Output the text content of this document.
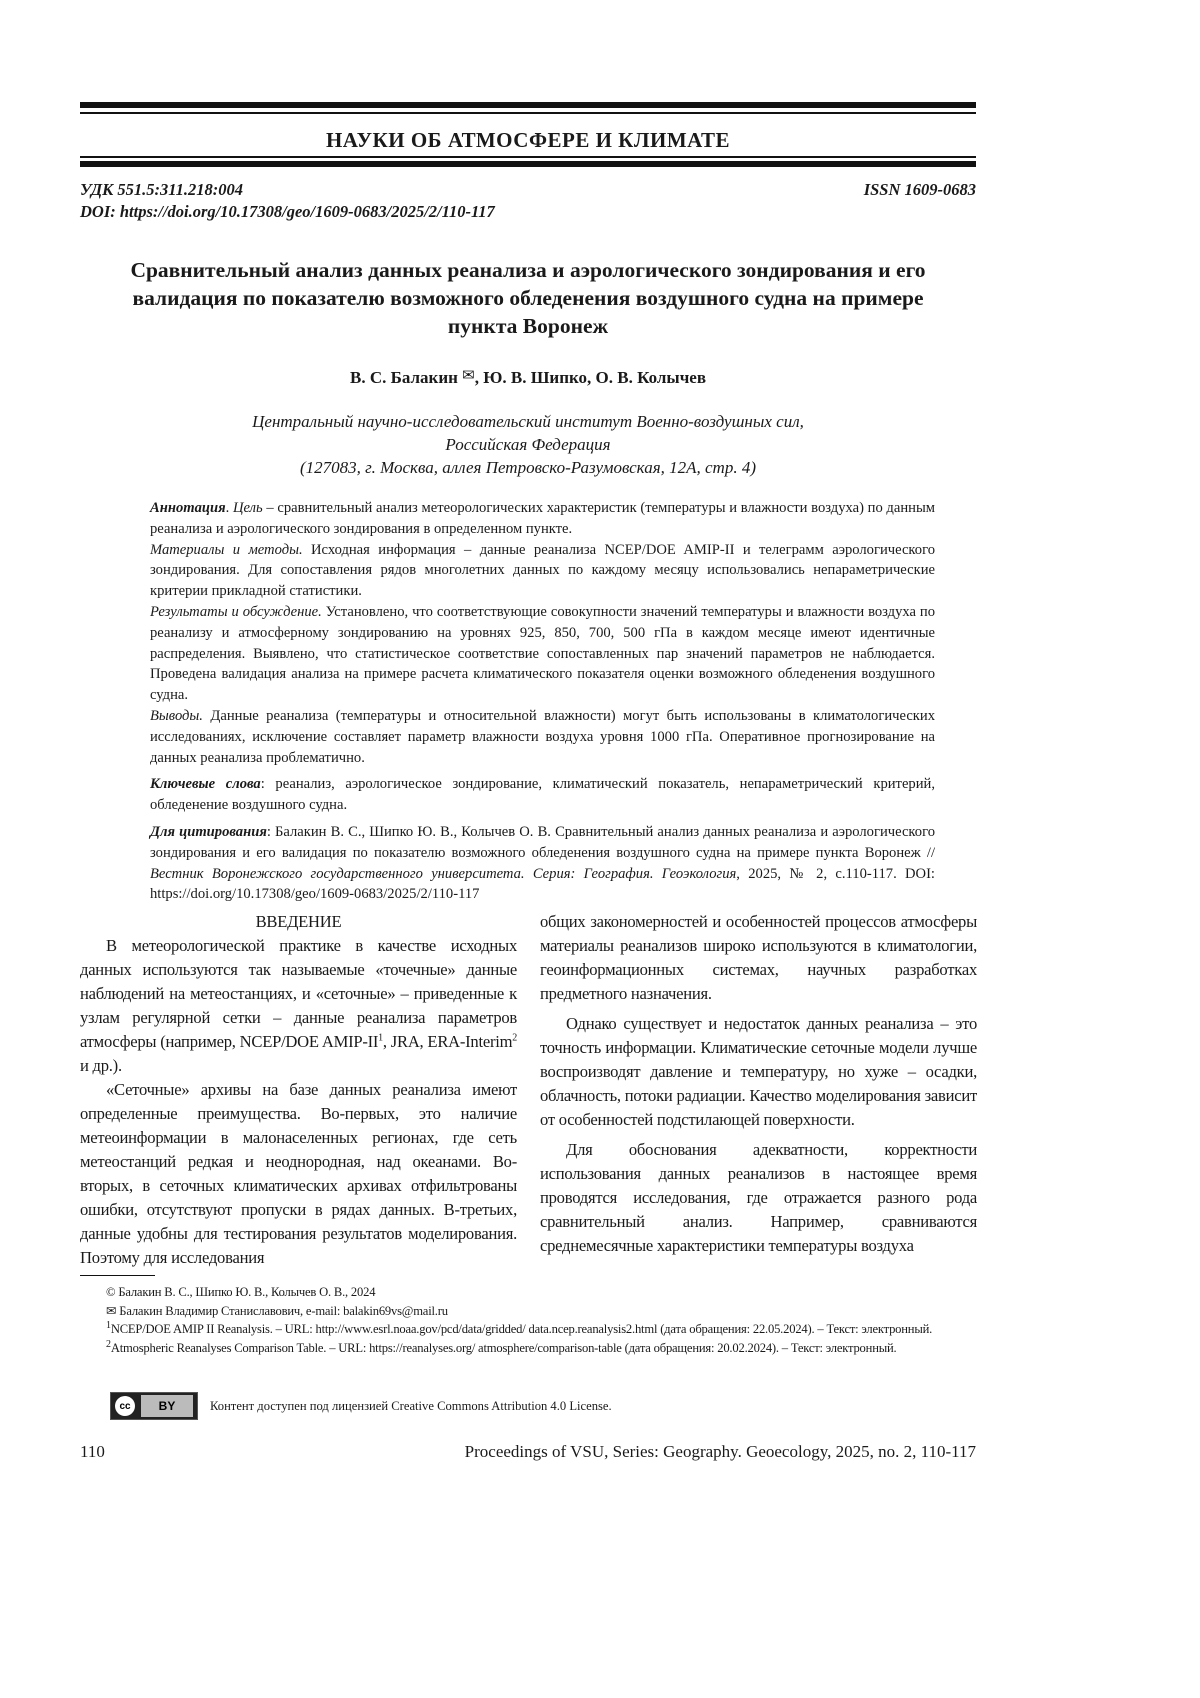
НАУКИ ОБ АТМОСФЕРЕ И КЛИМАТЕ
УДК 551.5:311.218:004	ISSN 1609-0683
DOI: https://doi.org/10.17308/geo/1609-0683/2025/2/110-117
Сравнительный анализ данных реанализа и аэрологического зондирования и его валидация по показателю возможного обледенения воздушного судна на примере пункта Воронеж
В. С. Балакин ✉, Ю. В. Шипко, О. В. Колычев
Центральный научно-исследовательский институт Военно-воздушных сил,
Российская Федерация
(127083, г. Москва, аллея Петровско-Разумовская, 12А, стр. 4)

Аннотация. Цель – сравнительный анализ метеорологических характеристик (температуры и влажности воздуха) по данным реанализа и аэрологического зондирования в определенном пункте.

Материалы и методы. Исходная информация – данные реанализа NCEP/DOE AMIP-II и телеграмм аэрологического зондирования. Для сопоставления рядов многолетних данных по каждому месяцу использовались непараметрические критерии прикладной статистики.

Результаты и обсуждение. Установлено, что соответствующие совокупности значений температуры и влажности воздуха по реанализу и атмосферному зондированию на уровнях 925, 850, 700, 500 гПа в каждом месяце имеют идентичные распределения. Выявлено, что статистическое соответствие сопоставленных пар значений параметров не наблюдается. Проведена валидация анализа на примере расчета климатического показателя оценки возможного обледенения воздушного судна.

Выводы. Данные реанализа (температуры и относительной влажности) могут быть использованы в климатологических исследованиях, исключение составляет параметр влажности воздуха уровня 1000 гПа. Оперативное прогнозирование на данных реанализа проблематично.

Ключевые слова: реанализ, аэрологическое зондирование, климатический показатель, непараметрический критерий, обледенение воздушного судна.

Для цитирования: Балакин В. С., Шипко Ю. В., Колычев О. В. Сравнительный анализ данных реанализа и аэрологического зондирования и его валидация по показателю возможного обледенения воздушного судна на примере пункта Воронеж // Вестник Воронежского государственного университета. Серия: География. Геоэкология, 2025, № 2, с.110-117. DOI: https://doi.org/10.17308/geo/1609-0683/2025/2/110-117

ВВЕДЕНИЕ

В метеорологической практике в качестве исходных данных используются так называемые «точечные» данные наблюдений на метеостанциях, и «сеточные» – приведенные к узлам регулярной сетки – данные реанализа параметров атмосферы (например, NCEP/DOE AMIP-$II^1$, JRA, ERA-Interim$^2$ и др.).

«Сеточные» архивы на базе данных реанализа имеют определенные преимущества. Во-первых, это наличие метеоинформации в малонаселенных регионах, где сеть метеостанций редкая и неоднородная, над океанами. Во-вторых, в сеточных климатических архивах отфильтрованы ошибки, отсутствуют пропуски в рядах данных. В-третьих, данные удобны для тестирования результатов моделирования. Поэтому для исследования

общих закономерностей и особенностей процессов атмосферы материалы реанализов широко используются в климатологии, геоинформационных системах, научных разработках предметного назначения.

Однако существует и недостаток данных реанализа – это точность информации. Климатические сеточные модели лучше воспроизводят давление и температуру, но хуже – осадки, облачность, потоки радиации. Качество моделирования зависит от особенностей подстилающей поверхности.

Для обоснования адекватности, корректности использования данных реанализов в настоящее время проводятся исследования, где отражается разного рода сравнительный анализ. Например, сравниваются среднемесячные характеристики температуры воздуха

© Балакин В. С., Шипко Ю. В., Колычев О. В., 2024

✉ Балакин Владимир Станиславович, e-mail: balakin69vs@mail.ru

$^1$NCEP/DOE AMIP II Reanalysis. – URL: http://www.esrl.noaa.gov/pcd/data/gridded/ data.ncep.reanalysis2.html (дата обращения: 22.05.2024). – Текст: электронный.

$^2$Atmospheric Reanalyses Comparison Table. – URL: https://reanalyses.org/ atmosphere/comparison-table (дата обращения: 20.02.2024). – Текст: электронный.

cc	BY	Контент доступен под лицензией Creative Commons Attribution 4.0 License.
110	Proceedings of VSU, Series: Geography. Geoecology, 2025, no. 2, 110-117
